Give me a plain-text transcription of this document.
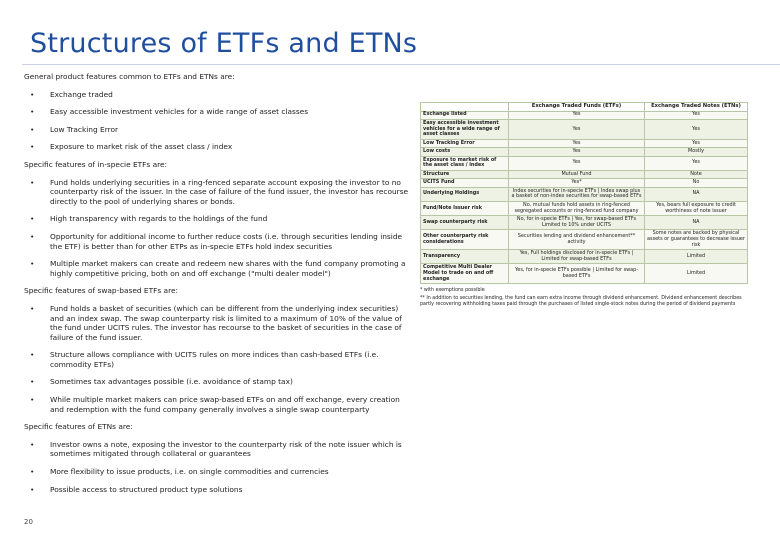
Structures of ETFs and ETNs
General product features common to ETFs and ETNs are:
• Exchange traded
• Easy accessible investment vehicles for a wide range of asset classes
• Low Tracking Error
• Exposure to market risk of the asset class / index
Specific features of in-specie ETFs are:
• Fund holds underlying securities in a ring-fenced separate account exposing the investor to no counterparty risk of the issuer. In the case of failure of the fund issuer, the investor has recourse directly to the pool of underlying shares or bonds.
• High transparency with regards to the holdings of the fund
• Opportunity for additional income to further reduce costs (i.e. through securities lending inside the ETF) is better than for other ETPs as in-specie ETFs hold index securities
• Multiple market makers can create and redeem new shares with the fund company promoting a highly competitive pricing, both on and off exchange ("multi dealer model")
Specific features of swap-based ETFs are:
• Fund holds a basket of securities (which can be different from the underlying index securities) and an index swap. The swap counterparty risk is limited to a maximum of 10% of the value of the fund under UCITS rules. The investor has recourse to the basket of securities in the case of failure of the fund issuer.
• Structure allows compliance with UCITS rules on more indices than cash-based ETFs (i.e. commodity ETFs)
• Sometimes tax advantages possible (i.e. avoidance of stamp tax)
• While multiple market makers can price swap-based ETFs on and off exchange, every creation and redemption with the fund company generally involves a single swap counterparty
Specific features of ETNs are:
• Investor owns a note, exposing the investor to the counterparty risk of the note issuer which is sometimes mitigated through collateral or guarantees
• More flexibility to issue products, i.e. on single commodities and currencies
• Possible access to structured product type solutions
20
	Exchange Traded Funds (ETFs)	Exchange Traded Notes (ETNs)
Exchange listed	Yes	Yes
Easy accessible investment vehicles for a wide range of asset classes	Yes	Yes
Low Tracking Error	Yes	Yes
Low costs	Yes	Mostly
Exposure to market risk of the asset class / index	Yes	Yes
Structure	Mutual Fund	Note
UCITS Fund	Yes*	No
Underlying Holdings	Index securities for in-specie ETFs | Index swap plus a basket of non-index securities for swap-based ETFs	NA
Fund/Note Issuer risk	No, mutual funds hold assets in ring-fenced segregated accounts or ring-fenced fund company	Yes, bears full exposure to credit worthiness of note issuer
Swap counterparty risk	No, for in-specie ETFs | Yes, for swap-based ETFs Limited to 10% under UCITS	NA
Other counterparty risk considerations	Securities lending and dividend enhancement** activity	Some notes are backed by physical assets or guarantees to decrease issuer risk
Transparency	Yes, Full holdings disclosed for in-specie ETFs | Limited for swap-based ETFs	Limited
Competitive Multi Dealer Model to trade on and off exchange	Yes, for in-specie ETFs possible | Limited for swap-based ETFs	Limited
* with exemptions possible
** In addition to securities lending, the fund can earn extra income through dividend enhancement. Dividend enhancement describes partly recovering withholding taxes paid through the purchases of listed single-stock notes during the period of dividend payments
